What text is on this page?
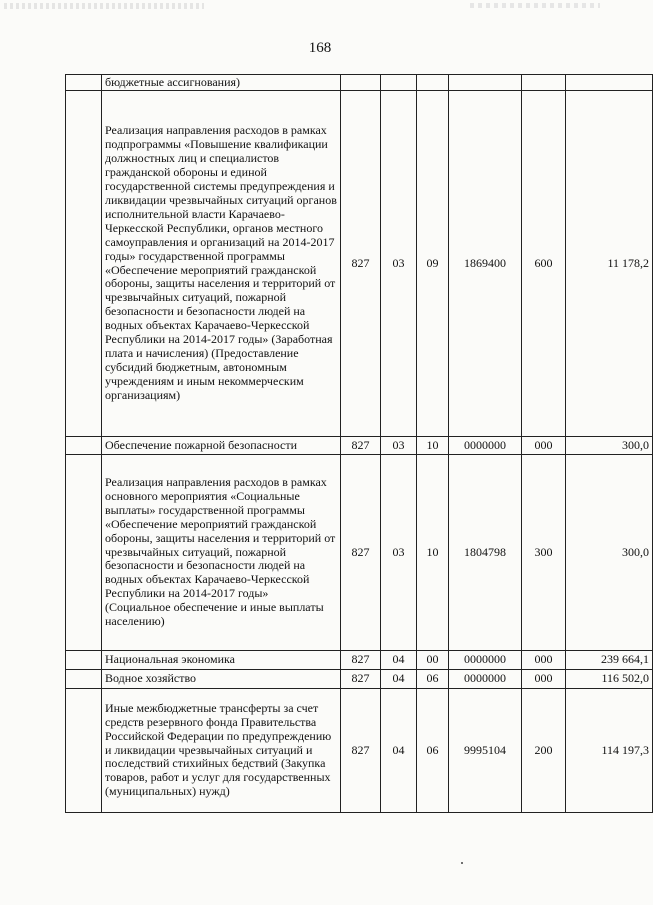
168
	бюджетные ассигнования)						
	Реализация направления расходов в рамках подпрограммы «Повышение квалификации должностных лиц и специалистов гражданской обороны и единой государственной системы предупреждения и ликвидации чрезвычайных ситуаций органов исполнительной власти Карачаево-Черкесской Республики, органов местного самоуправления и организаций на 2014-2017 годы» государственной программы «Обеспечение мероприятий гражданской обороны, защиты населения и территорий от чрезвычайных ситуаций, пожарной безопасности и безопасности людей на водных объектах Карачаево-Черкесской Республики на 2014-2017 годы» (Заработная плата и начисления) (Предоставление субсидий бюджетным, автономным учреждениям и иным некоммерческим организациям)	827	03	09	1869400	600	11 178,2
	Обеспечение пожарной безопасности	827	03	10	0000000	000	300,0
	Реализация направления расходов в рамках основного мероприятия «Социальные выплаты» государственной программы «Обеспечение мероприятий гражданской обороны, защиты населения и территорий от чрезвычайных ситуаций, пожарной безопасности и безопасности людей на водных объектах Карачаево-Черкесской Республики на 2014-2017 годы» (Социальное обеспечение и иные выплаты населению)	827	03	10	1804798	300	300,0
	Национальная экономика	827	04	00	0000000	000	239 664,1
	Водное хозяйство	827	04	06	0000000	000	116 502,0
	Иные межбюджетные трансферты за счет средств резервного фонда Правительства Российской Федерации по предупреждению и ликвидации чрезвычайных ситуаций и последствий стихийных бедствий (Закупка товаров, работ и услуг для государственных (муниципальных) нужд)	827	04	06	9995104	200	114 197,3
